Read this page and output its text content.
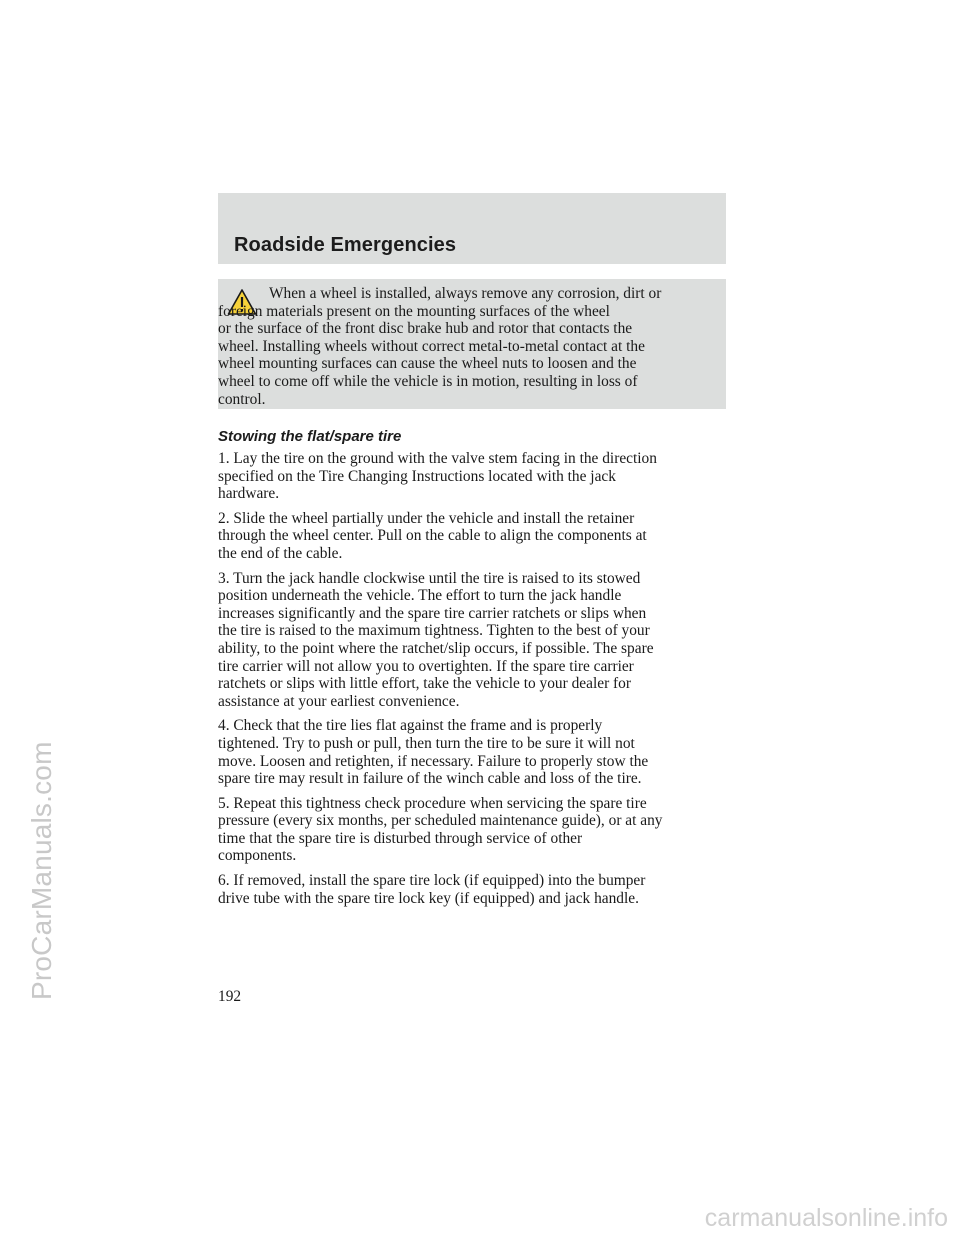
Roadside Emergencies

When a wheel is installed, always remove any corrosion, dirt or
foreign materials present on the mounting surfaces of the wheel
or the surface of the front disc brake hub and rotor that contacts the
wheel. Installing wheels without correct metal-to-metal contact at the
wheel mounting surfaces can cause the wheel nuts to loosen and the
wheel to come off while the vehicle is in motion, resulting in loss of
control.

Stowing the flat/spare tire

1. Lay the tire on the ground with the valve stem facing in the direction
specified on the Tire Changing Instructions located with the jack
hardware.

2. Slide the wheel partially under the vehicle and install the retainer
through the wheel center. Pull on the cable to align the components at
the end of the cable.

3. Turn the jack handle clockwise until the tire is raised to its stowed
position underneath the vehicle. The effort to turn the jack handle
increases significantly and the spare tire carrier ratchets or slips when
the tire is raised to the maximum tightness. Tighten to the best of your
ability, to the point where the ratchet/slip occurs, if possible. The spare
tire carrier will not allow you to overtighten. If the spare tire carrier
ratchets or slips with little effort, take the vehicle to your dealer for
assistance at your earliest convenience.

4. Check that the tire lies flat against the frame and is properly
tightened. Try to push or pull, then turn the tire to be sure it will not
move. Loosen and retighten, if necessary. Failure to properly stow the
spare tire may result in failure of the winch cable and loss of the tire.

5. Repeat this tightness check procedure when servicing the spare tire
pressure (every six months, per scheduled maintenance guide), or at any
time that the spare tire is disturbed through service of other
components.

6. If removed, install the spare tire lock (if equipped) into the bumper
drive tube with the spare tire lock key (if equipped) and jack handle.

192

ProCarManuals.com
carmanualsonline.info
